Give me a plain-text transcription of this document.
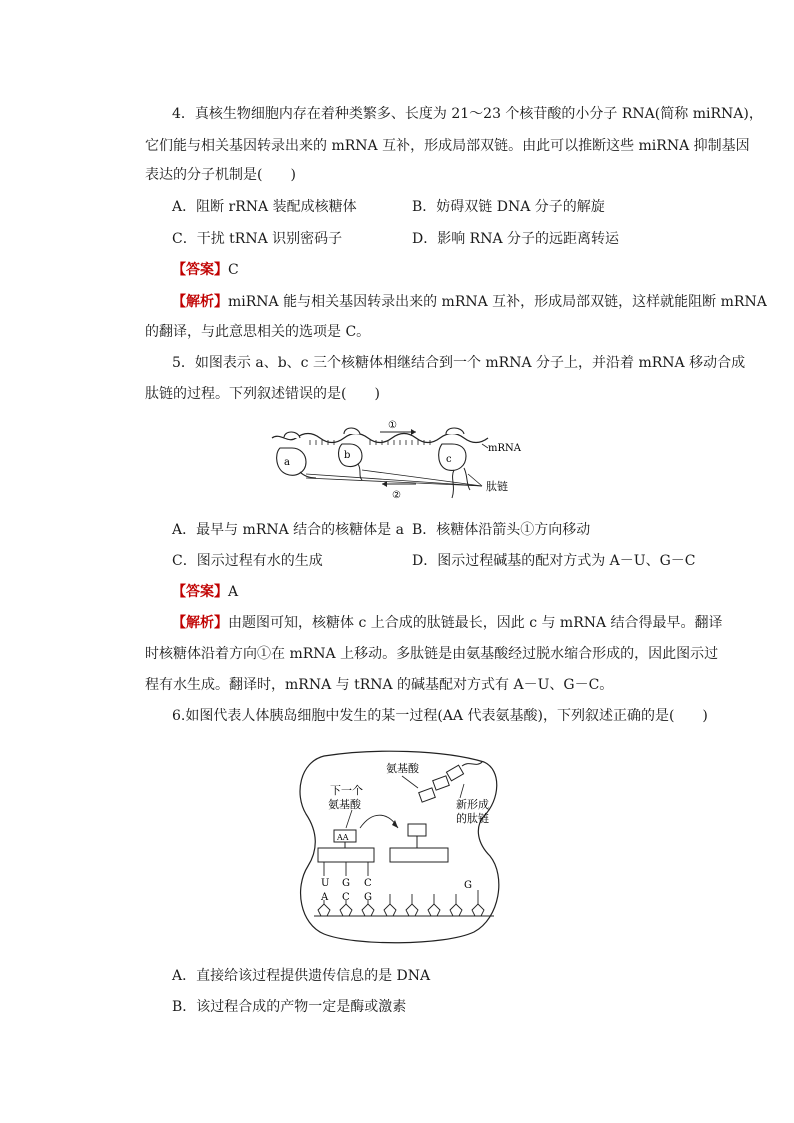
4．真核生物细胞内存在着种类繁多、长度为 21～23 个核苷酸的小分子 RNA(简称 miRNA)，
它们能与相关基因转录出来的 mRNA 互补，形成局部双链。由此可以推断这些 miRNA 抑制基因
表达的分子机制是(　　)
A．阻断 rRNA 装配成核糖体	B．妨碍双链 DNA 分子的解旋
C．干扰 tRNA 识别密码子	D．影响 RNA 分子的远距离转运
【答案】C
【解析】miRNA 能与相关基因转录出来的 mRNA 互补，形成局部双链，这样就能阻断 mRNA
的翻译，与此意思相关的选项是 C。
5．如图表示 a、b、c 三个核糖体相继结合到一个 mRNA 分子上，并沿着 mRNA 移动合成
肽链的过程。下列叙述错误的是(　　)
a
b	c
肽链
mRNA
①
②
A．最早与 mRNA 结合的核糖体是 a B．核糖体沿箭头①方向移动
C．图示过程有水的生成	D．图示过程碱基的配对方式为 A－U、G－C
【答案】A
【解析】由题图可知，核糖体 c 上合成的肽链最长，因此 c 与 mRNA 结合得最早。翻译
时核糖体沿着方向①在 mRNA 上移动。多肽链是由氨基酸经过脱水缩合形成的，因此图示过
程有水生成。翻译时，mRNA 与 tRNA 的碱基配对方式有 A－U、G－C。
6.如图代表人体胰岛细胞中发生的某一过程(AA 代表氨基酸)，下列叙述正确的是(　　)
下一个
氨基酸
氨基酸
新形成
的肽链
AA
U G C
A C G
G
A．直接给该过程提供遗传信息的是 DNA
B．该过程合成的产物一定是酶或激素
